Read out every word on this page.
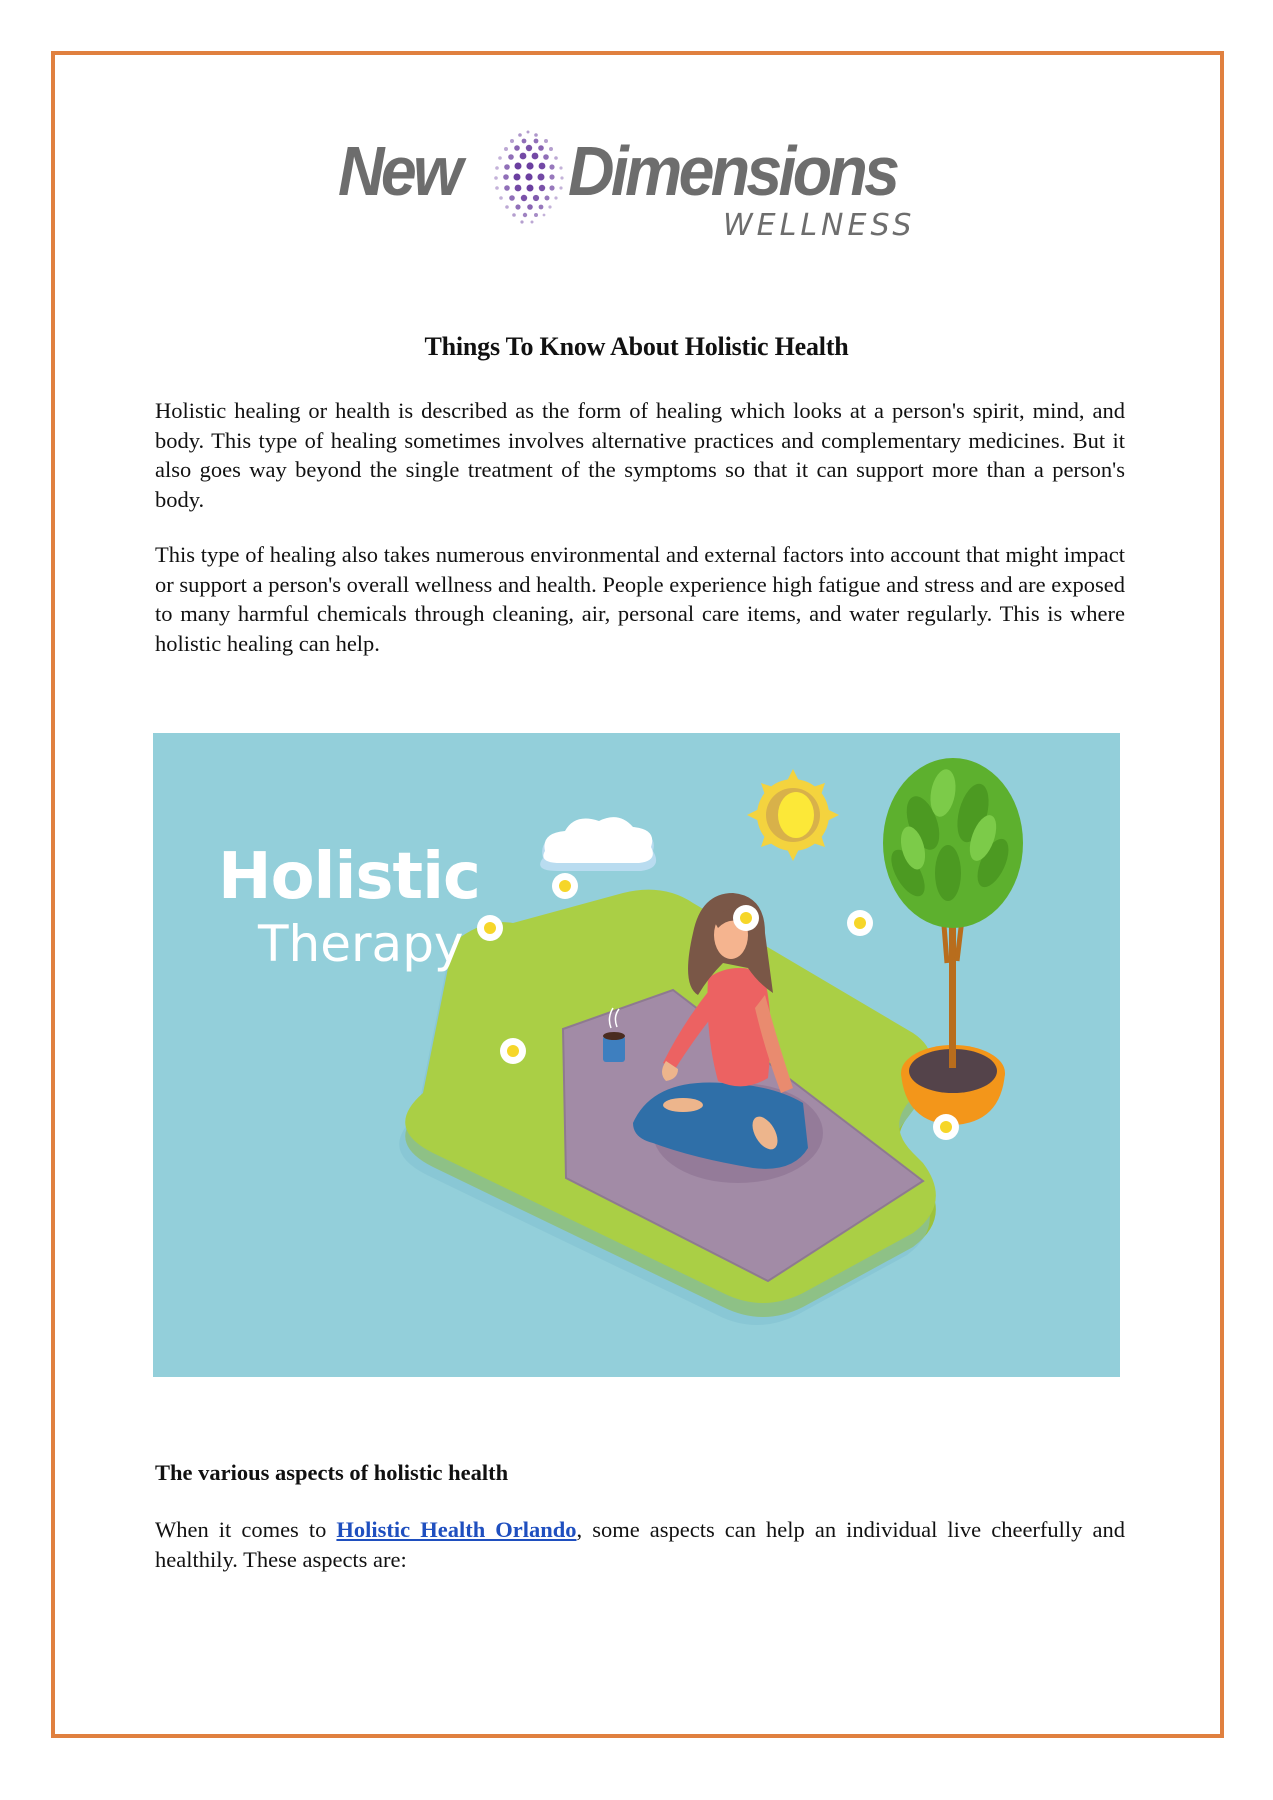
New Dimensions
WELLNESS
Things To Know About Holistic Health

Holistic healing or health is described as the form of healing which looks at a person's spirit, mind, and body. This type of healing sometimes involves alternative practices and complementary medicines. But it also goes way beyond the single treatment of the symptoms so that it can support more than a person's body.

This type of healing also takes numerous environmental and external factors into account that might impact or support a person's overall wellness and health. People experience high fatigue and stress and are exposed to many harmful chemicals through cleaning, air, personal care items, and water regularly. This is where holistic healing can help.

Holistic
Therapy
The various aspects of holistic health

When it comes to Holistic Health Orlando, some aspects can help an individual live cheerfully and healthily. These aspects are:
